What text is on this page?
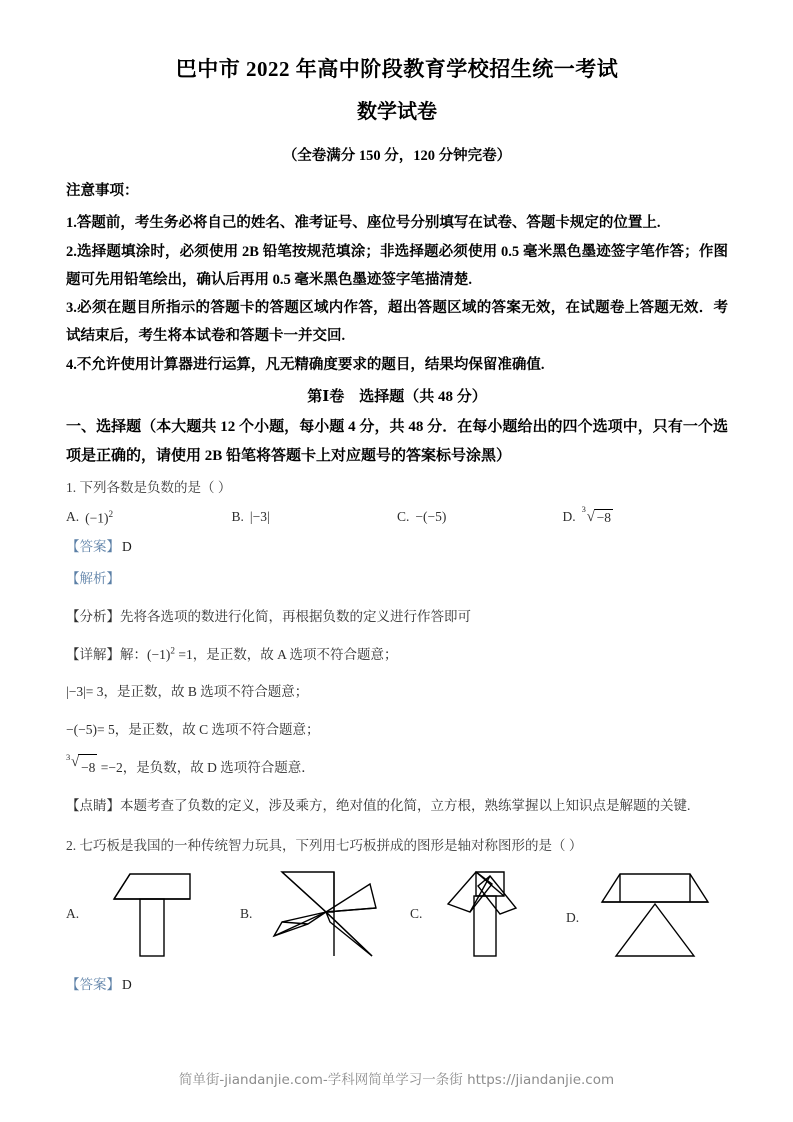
巴中市 2022 年高中阶段教育学校招生统一考试
数学试卷
（全卷满分 150 分，120 分钟完卷）
注意事项：
1.答题前，考生务必将自己的姓名、准考证号、座位号分别填写在试卷、答题卡规定的位置上.
2.选择题填涂时，必须使用 2B 铅笔按规范填涂；非选择题必须使用 0.5 毫米黑色墨迹签字笔作答；作图题可先用铅笔绘出，确认后再用 0.5 毫米黑色墨迹签字笔描清楚.
3.必须在题目所指示的答题卡的答题区域内作答，超出答题区域的答案无效，在试题卷上答题无效．考试结束后，考生将本试卷和答题卡一并交回.
4.不允许使用计算器进行运算，凡无精确度要求的题目，结果均保留准确值.
第Ⅰ卷　选择题（共 48 分）
一、选择题（本大题共 12 个小题，每小题 4 分，共 48 分．在每小题给出的四个选项中，只有一个选项是正确的，请使用 2B 铅笔将答题卡上对应题号的答案标号涂黑）
1. 下列各数是负数的是（ ）
A. $(-1)^2$	B. |−3|	C. −(−5)	D. 3 √ −8
【答案】 D
【解析】
【分析】先将各选项的数进行化简，再根据负数的定义进行作答即可
【详解】解：$(-1)^2 =1$，是正数，故 A 选项不符合题意；
|−3|= 3，是正数，故 B 选项不符合题意；
−(−5)= 5，是正数，故 C 选项不符合题意；
3 √ −8 =−2，是负数，故 D 选项符合题意．
【点睛】本题考查了负数的定义，涉及乘方，绝对值的化简，立方根，熟练掌握以上知识点是解题的关键.
2. 七巧板是我国的一种传统智力玩具，下列用七巧板拼成的图形是轴对称图形的是（ ）
A.	B.	C.	D.
【答案】 D
简单街-jiandanjie.com-学科网简单学习一条街 https://jiandanjie.com
